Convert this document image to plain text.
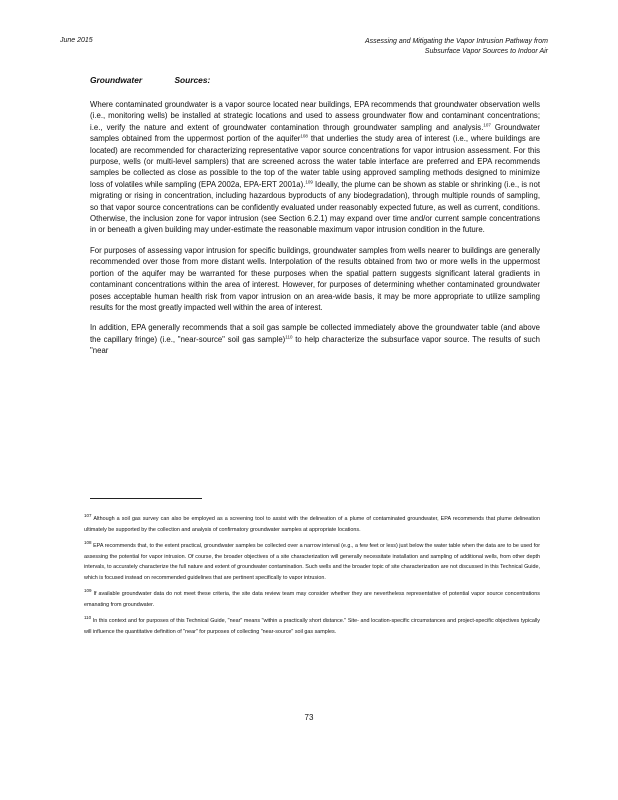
June 2015	Assessing and Mitigating the Vapor Intrusion Pathway from
Subsurface Vapor Sources to Indoor Air
Groundwater Sources:

Where contaminated groundwater is a vapor source located near buildings, EPA recommends that groundwater observation wells (i.e., monitoring wells) be installed at strategic locations and used to assess groundwater flow and contaminant concentrations; i.e., verify the nature and extent of groundwater contamination through groundwater sampling and analysis.$^{107}$ Groundwater samples obtained from the uppermost portion of the aquifer$^{108}$ that underlies the study area of interest (i.e., where buildings are located) are recommended for characterizing representative vapor source concentrations for vapor intrusion assessment. For this purpose, wells (or multi-level samplers) that are screened across the water table interface are preferred and EPA recommends samples be collected as close as possible to the top of the water table using approved sampling methods designed to minimize loss of volatiles while sampling (EPA 2002a, EPA-ERT 2001a).$^{109}$ Ideally, the plume can be shown as stable or shrinking (i.e., is not migrating or rising in concentration, including hazardous byproducts of any biodegradation), through multiple rounds of sampling, so that vapor source concentrations can be confidently evaluated under reasonably expected future, as well as current, conditions. Otherwise, the inclusion zone for vapor intrusion (see Section 6.2.1) may expand over time and/or current sample concentrations in or beneath a given building may under-estimate the reasonable maximum vapor intrusion condition in the future.

For purposes of assessing vapor intrusion for specific buildings, groundwater samples from wells nearer to buildings are generally recommended over those from more distant wells. Interpolation of the results obtained from two or more wells in the uppermost portion of the aquifer may be warranted for these purposes when the spatial pattern suggests significant lateral gradients in contaminant concentrations within the area of interest. However, for purposes of determining whether contaminated groundwater poses acceptable human health risk from vapor intrusion on an area-wide basis, it may be more appropriate to utilize sampling results for the most greatly impacted well within the area of interest.

In addition, EPA generally recommends that a soil gas sample be collected immediately above the groundwater table (and above the capillary fringe) (i.e., "near-source" soil gas sample)$^{110}$ to help characterize the subsurface vapor source. The results of such "near

$^{107}$ Although a soil gas survey can also be employed as a screening tool to assist with the delineation of a plume of contaminated groundwater, EPA recommends that plume delineation ultimately be supported by the collection and analysis of confirmatory groundwater samples at appropriate locations.

$^{108}$ EPA recommends that, to the extent practical, groundwater samples be collected over a narrow interval (e.g., a few feet or less) just below the water table when the data are to be used for assessing the potential for vapor intrusion. Of course, the broader objectives of a site characterization will generally necessitate installation and sampling of additional wells, from other depth intervals, to accurately characterize the full nature and extent of groundwater contamination. Such wells and the broader topic of site characterization are not discussed in this Technical Guide, which is focused instead on recommended guidelines that are pertinent specifically to vapor intrusion.

$^{109}$ If available groundwater data do not meet these criteria, the site data review team may consider whether they are nevertheless representative of potential vapor source concentrations emanating from groundwater.

$^{110}$ In this context and for purposes of this Technical Guide, "near" means "within a practically short distance." Site- and location-specific circumstances and project-specific objectives typically will influence the quantitative definition of "near" for purposes of collecting "near-source" soil gas samples.

73
